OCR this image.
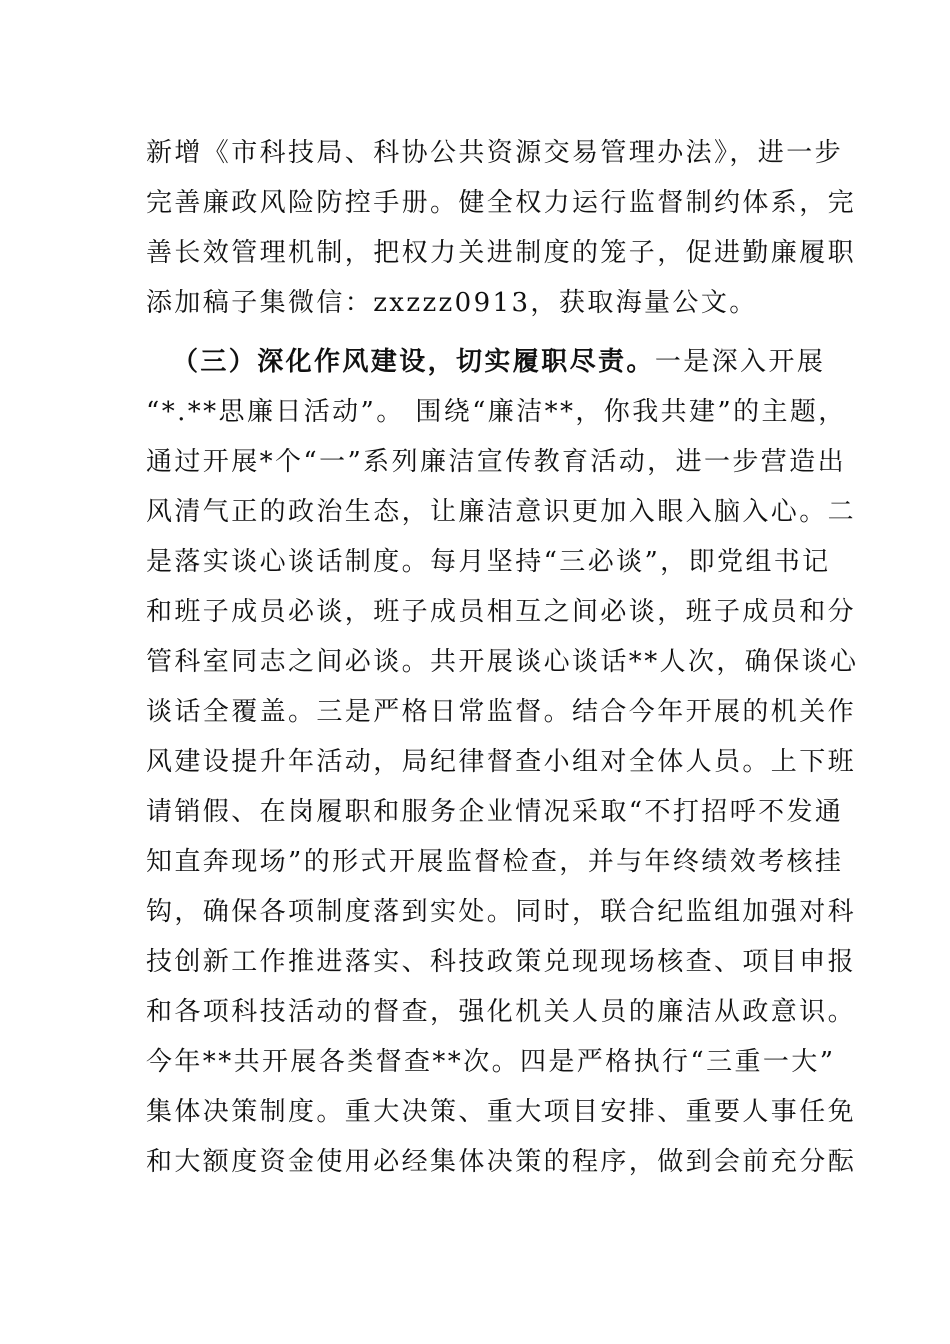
新增《市科技局、科协公共资源交易管理办法》，进一步
完善廉政风险防控手册。健全权力运行监督制约体系，完
善长效管理机制，把权力关进制度的笼子，促进勤廉履职
添加稿子集微信：zxzzz0913，获取海量公文。
（三）深化作风建设，切实履职尽责。一是深入开展
“*.**思廉日活动”。 围绕“廉洁**，你我共建”的主题，
通过开展*个“一”系列廉洁宣传教育活动，进一步营造出
风清气正的政治生态，让廉洁意识更加入眼入脑入心。二
是落实谈心谈话制度。每月坚持“三必谈”，即党组书记
和班子成员必谈，班子成员相互之间必谈，班子成员和分
管科室同志之间必谈。共开展谈心谈话**人次，确保谈心
谈话全覆盖。三是严格日常监督。结合今年开展的机关作
风建设提升年活动，局纪律督查小组对全体人员。上下班
请销假、在岗履职和服务企业情况采取“不打招呼不发通
知直奔现场”的形式开展监督检查，并与年终绩效考核挂
钩，确保各项制度落到实处。同时，联合纪监组加强对科
技创新工作推进落实、科技政策兑现现场核查、项目申报
和各项科技活动的督查，强化机关人员的廉洁从政意识。
今年**共开展各类督查**次。四是严格执行“三重一大”
集体决策制度。重大决策、重大项目安排、重要人事任免
和大额度资金使用必经集体决策的程序，做到会前充分酝
